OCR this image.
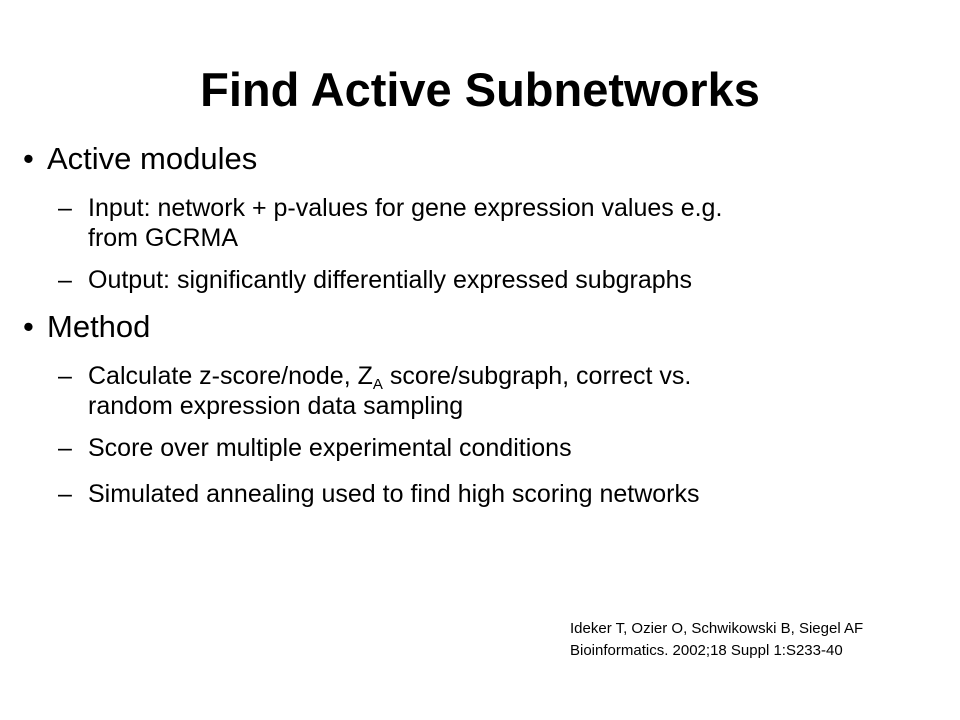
Find Active Subnetworks
• Active modules
– Input: network + p-values for gene expression values e.g.
from GCRMA
– Output: significantly differentially expressed subgraphs
• Method
– Calculate z-score/node, $Z_A$ score/subgraph, correct vs.
random expression data sampling
– Score over multiple experimental conditions
– Simulated annealing used to find high scoring networks
Ideker T, Ozier O, Schwikowski B, Siegel AF
Bioinformatics. 2002;18 Suppl 1:S233-40
